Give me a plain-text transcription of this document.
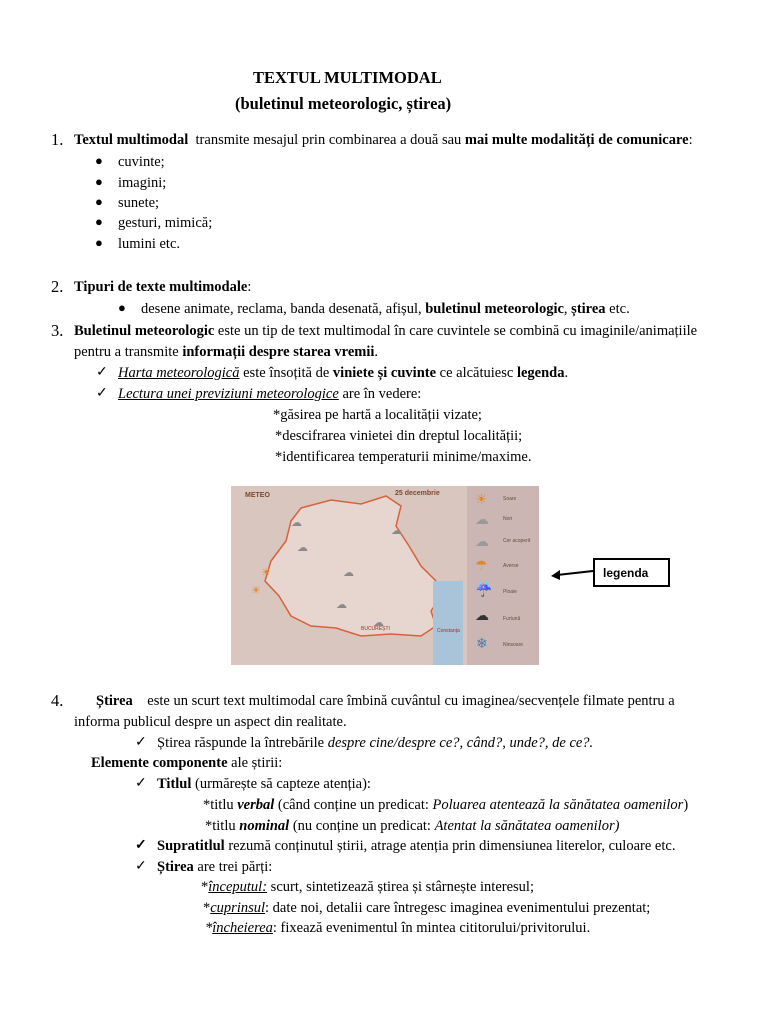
TEXTUL MULTIMODAL
(buletinul meteorologic, știrea)
1. Textul multimodal transmite mesajul prin combinarea a două sau mai multe modalități de comunicare:
● cuvinte;
● imagini;
● sunete;
● gesturi, mimică;
● lumini etc.
2. Tipuri de texte multimodale:
● desene animate, reclama, banda desenată, afișul, buletinul meteorologic, știrea etc.
3. Buletinul meteorologic este un tip de text multimodal în care cuvintele se combină cu imaginile/animațiile
pentru a transmite informații despre starea vremii.
✓ Harta meteorologică este însoțită de viniete și cuvinte ce alcătuiesc legenda.
✓ Lectura unei previziuni meteorologice are în vedere:
*găsirea pe hartă a localității vizate;
*descifrarea vinietei din dreptul localității;
*identificarea temperaturii minime/maxime.
METEO	25 decembrie
BUCUREȘTI	Constanța
☁
☁
☀	☁
☁
☀
☁
☁
☀
☁
☁
☂
☔
☁
❄
Soare
Nori
Cer acoperit
Averse
Ploaie
Furtună
Ninsoare
legenda
4. Știrea este un scurt text multimodal care îmbină cuvântul cu imaginea/secvențele filmate pentru a
informa publicul despre un aspect din realitate.
✓ Știrea răspunde la întrebările despre cine/despre ce?, când?, unde?, de ce?.
Elemente componente ale știrii:
✓ Titlul (urmărește să capteze atenția):
*titlu verbal (când conține un predicat: Poluarea atentează la sănătatea oamenilor)
*titlu nominal (nu conține un predicat: Atentat la sănătatea oamenilor)
✓ Supratitlul rezumă conținutul știrii, atrage atenția prin dimensiunea literelor, culoare etc.
✓ Știrea are trei părți:
*începutul: scurt, sintetizează știrea și stârnește interesul;
*cuprinsul: date noi, detalii care întregesc imaginea evenimentului prezentat;
*încheierea: fixează evenimentul în mintea cititorului/privitorului.
